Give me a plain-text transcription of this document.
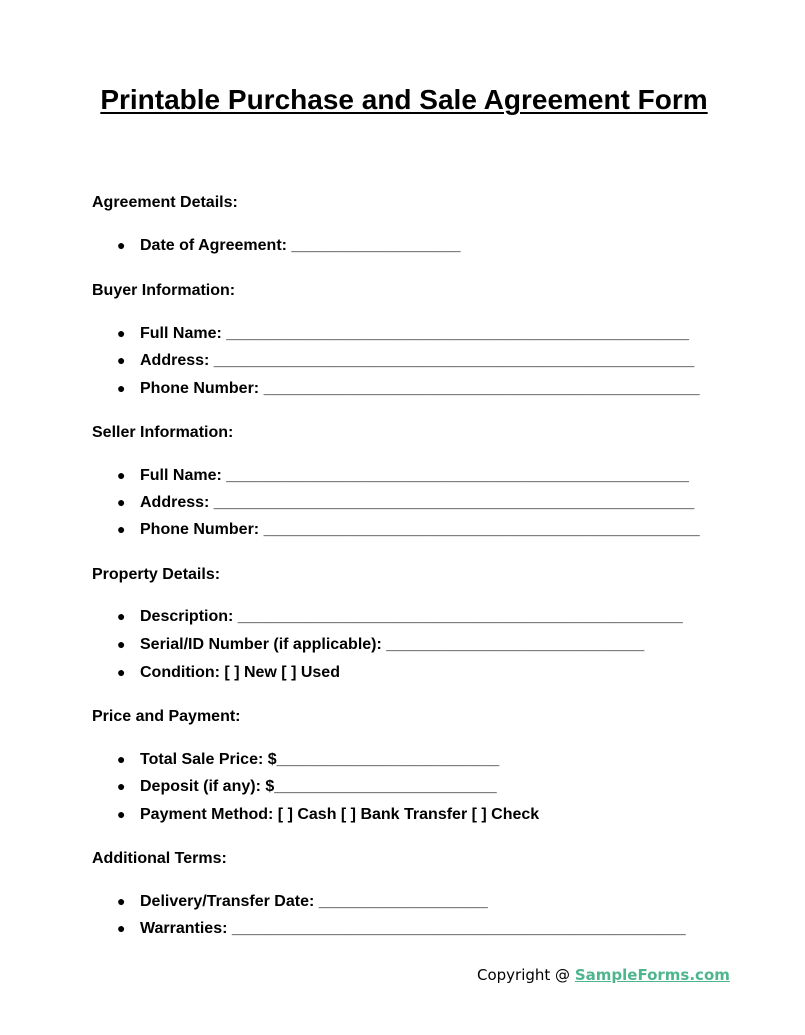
Printable Purchase and Sale Agreement Form
Agreement Details:
● Date of Agreement: ___________________
Buyer Information:
● Full Name: ____________________________________________________
● Address: ______________________________________________________
● Phone Number: _________________________________________________
Seller Information:
● Full Name: ____________________________________________________
● Address: ______________________________________________________
● Phone Number: _________________________________________________
Property Details:
● Description: __________________________________________________
● Serial/ID Number (if applicable): _____________________________
● Condition: [ ] New [ ] Used
Price and Payment:
● Total Sale Price: $_________________________
● Deposit (if any): $_________________________
● Payment Method: [ ] Cash [ ] Bank Transfer [ ] Check
Additional Terms:
● Delivery/Transfer Date: ___________________
● Warranties: ___________________________________________________
Copyright @ SampleForms.com
